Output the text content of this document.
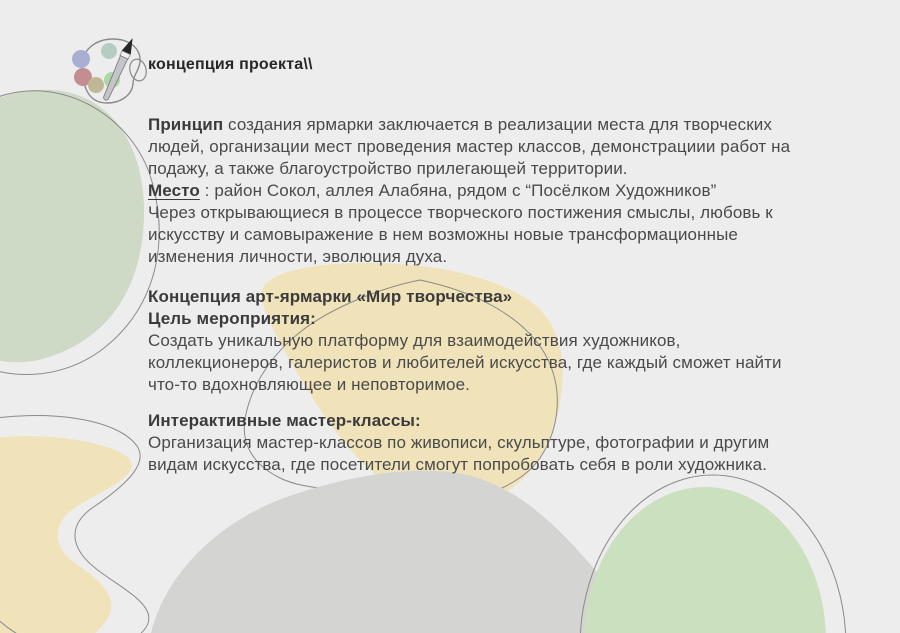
концепция проекта\\

Принцип создания ярмарки заключается в реализации места для творческих
людей, организации мест проведения мастер классов, демонстрациии работ на
подажу, а также благоустройство прилегающей территории.
Место : район Сокол, аллея Алабяна, рядом с “Посёлком Художников”
Через открывающиеся в процессе творческого постижения смыслы, любовь к
искусству и самовыражение в нем возможны новые трансформационные
изменения личности, эволюция духа.

Концепция арт-ярмарки «Мир творчества»
Цель мероприятия:
Создать уникальную платформу для взаимодействия художников,
коллекционеров, галеристов и любителей искусства, где каждый сможет найти
что-то вдохновляющее и неповторимое.

Интерактивные мастер-классы:
Организация мастер-классов по живописи, скульптуре, фотографии и другим
видам искусства, где посетители смогут попробовать себя в роли художника.
